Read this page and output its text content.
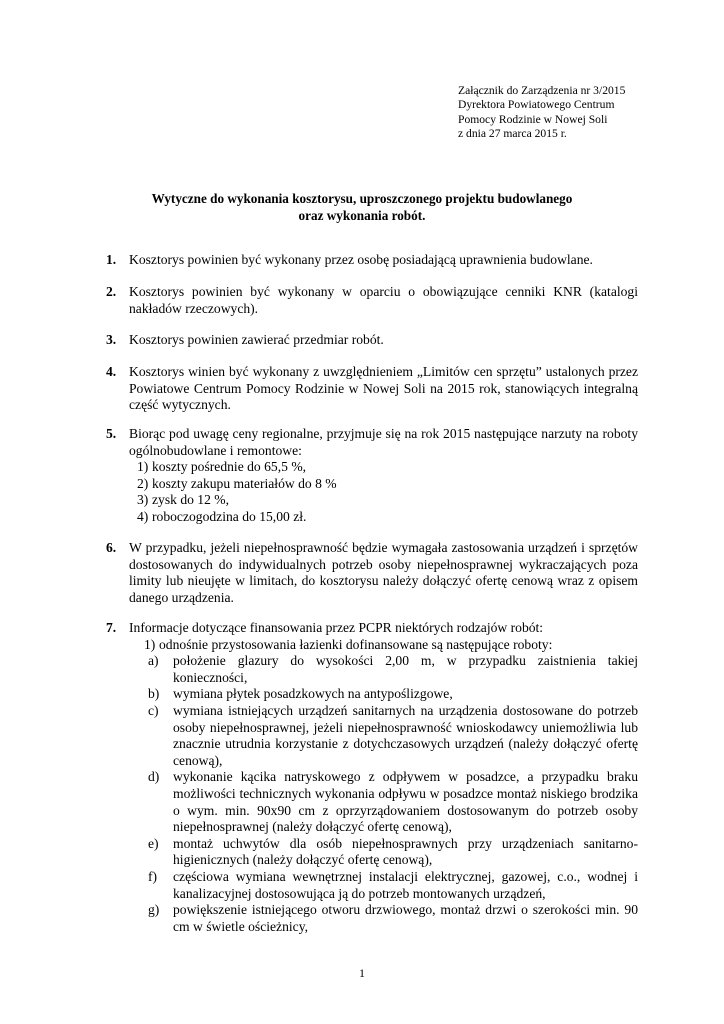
Załącznik do Zarządzenia nr 3/2015
Dyrektora Powiatowego Centrum
Pomocy Rodzinie w Nowej Soli
z dnia 27 marca 2015 r.
Wytyczne do wykonania kosztorysu, uproszczonego projektu budowlanego
oraz wykonania robót.
1. Kosztorys powinien być wykonany przez osobę posiadającą uprawnienia budowlane.
2. Kosztorys powinien być wykonany w oparciu o obowiązujące cenniki KNR (katalogi nakładów rzeczowych).
3. Kosztorys powinien zawierać przedmiar robót.
4. Kosztorys winien być wykonany z uwzględnieniem „Limitów cen sprzętu” ustalonych przez Powiatowe Centrum Pomocy Rodzinie w Nowej Soli na 2015 rok, stanowiących integralną część wytycznych.
5. Biorąc pod uwagę ceny regionalne, przyjmuje się na rok 2015 następujące narzuty na roboty ogólnobudowlane i remontowe:
1) koszty pośrednie do 65,5 %,
2) koszty zakupu materiałów do 8 %
3) zysk do 12 %,
4) roboczogodzina do 15,00 zł.
6. W przypadku, jeżeli niepełnosprawność będzie wymagała zastosowania urządzeń i sprzętów dostosowanych do indywidualnych potrzeb osoby niepełnosprawnej wykraczających poza limity lub nieujęte w limitach, do kosztorysu należy dołączyć ofertę cenową wraz z opisem danego urządzenia.
7. Informacje dotyczące finansowania przez PCPR niektórych rodzajów robót:
1) odnośnie przystosowania łazienki dofinansowane są następujące roboty:
a)	położenie glazury do wysokości 2,00 m, w przypadku zaistnienia takiej konieczności,
b)	wymiana płytek posadzkowych na antypoślizgowe,
c)	wymiana istniejących urządzeń sanitarnych na urządzenia dostosowane do potrzeb osoby niepełnosprawnej, jeżeli niepełnosprawność wnioskodawcy uniemożliwia lub znacznie utrudnia korzystanie z dotychczasowych urządzeń (należy dołączyć ofertę cenową),
d)	wykonanie kącika natryskowego z odpływem w posadzce, a przypadku braku możliwości technicznych wykonania odpływu w posadzce montaż niskiego brodzika o wym. min. 90x90 cm z oprzyrządowaniem dostosowanym do potrzeb osoby niepełnosprawnej (należy dołączyć ofertę cenową),
e)	montaż uchwytów dla osób niepełnosprawnych przy urządzeniach sanitarno-higienicznych (należy dołączyć ofertę cenową),
f)	częściowa wymiana wewnętrznej instalacji elektrycznej, gazowej, c.o., wodnej i kanalizacyjnej dostosowująca ją do potrzeb montowanych urządzeń,
g)	powiększenie istniejącego otworu drzwiowego, montaż drzwi o szerokości min. 90 cm w świetle ościeżnicy,
1
